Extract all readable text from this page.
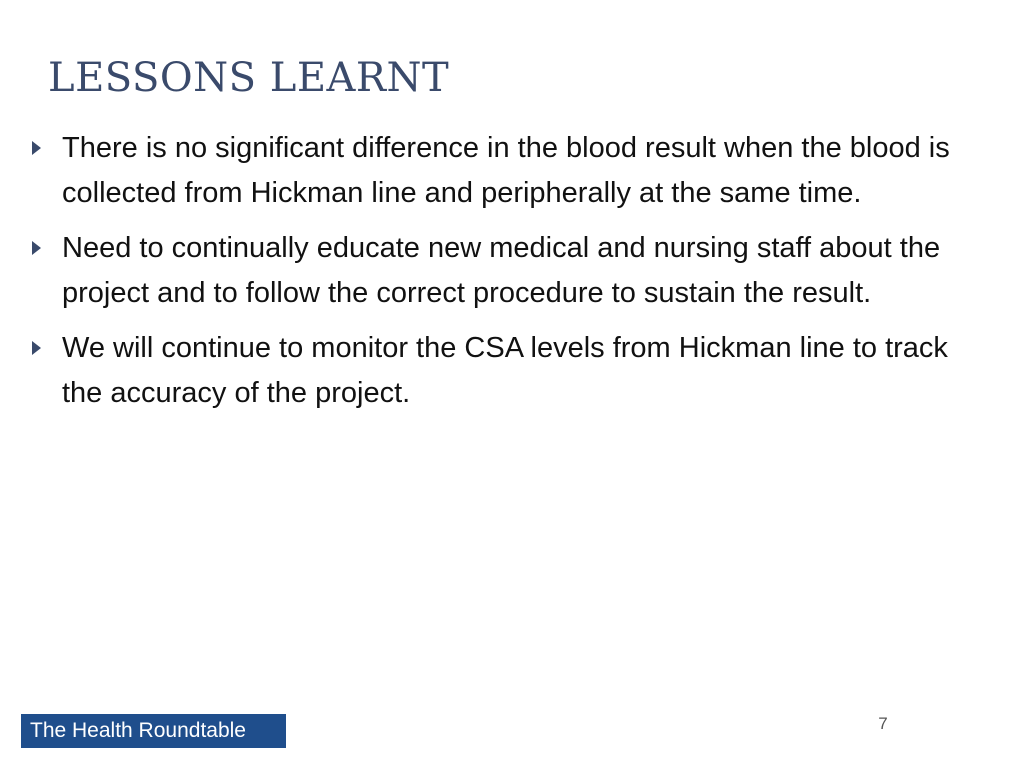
LESSONS LEARNT
There is no significant difference in the blood result when the blood is collected from Hickman line and peripherally at the same time.
Need to continually educate new medical and nursing staff about the project and to follow the correct procedure to sustain the result.
We will continue to monitor the CSA levels from Hickman line to track the accuracy of the project.
The Health Roundtable	7
